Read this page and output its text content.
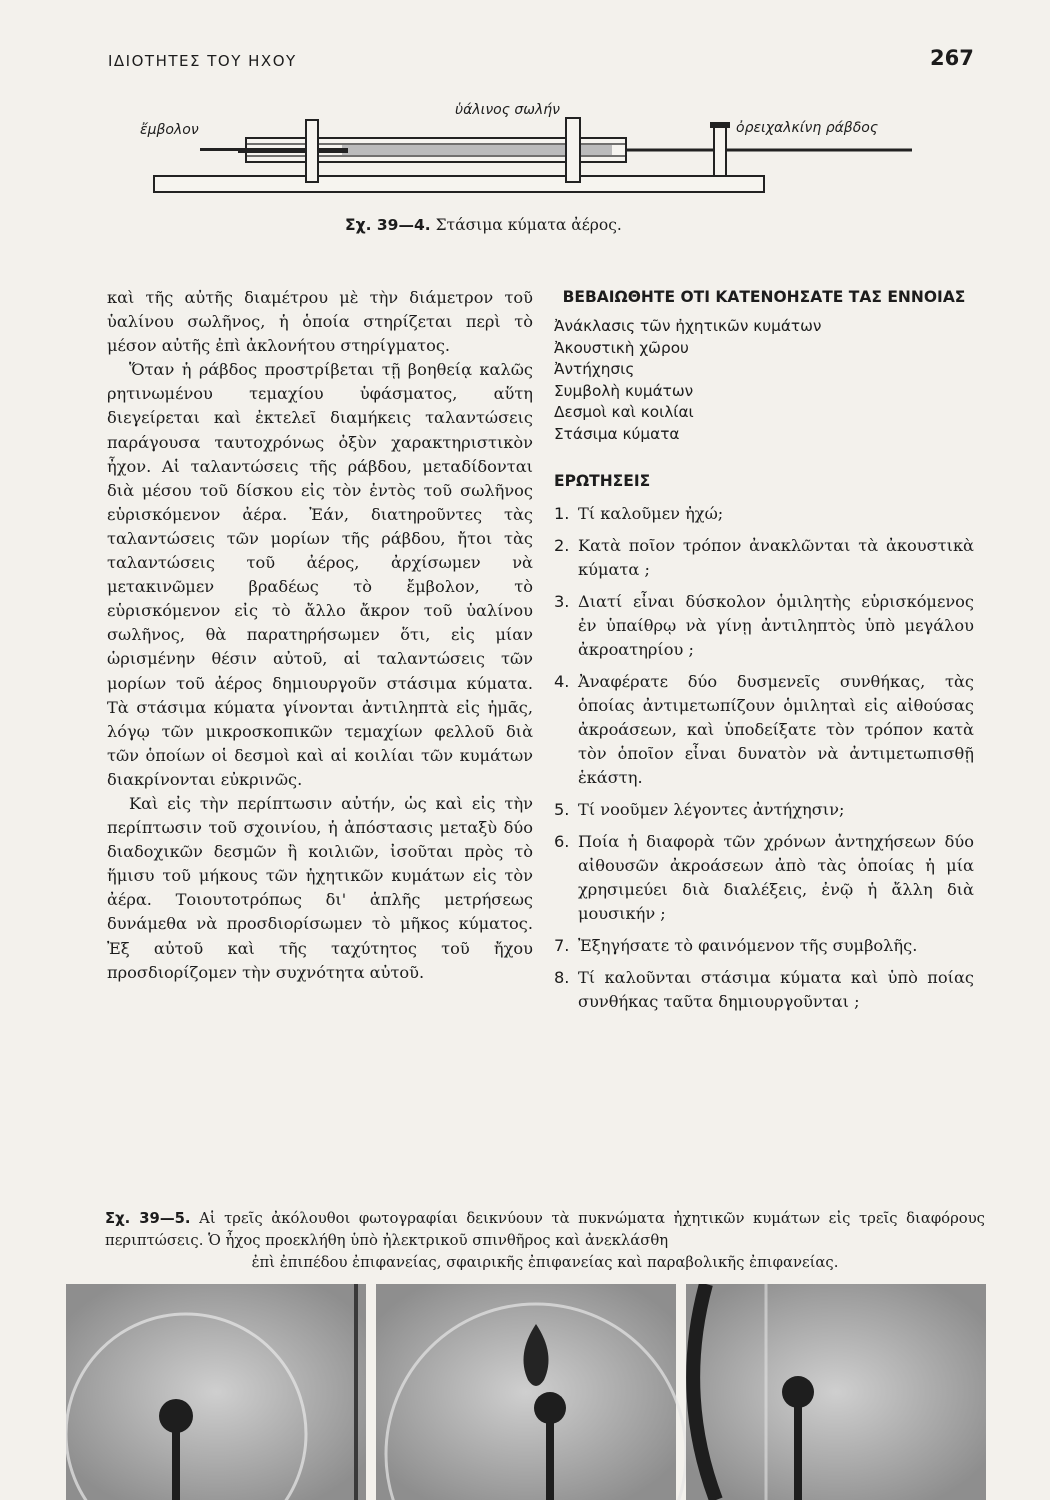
ΙΔΙΟΤΗΤΕΣ ΤΟΥ ΗΧΟΥ	267
ἔμβολον
ὑάλινος σωλήν
ὀρειχαλκίνη ράβδος
Σχ. 39—4. Στάσιμα κύματα ἀέρος.

καὶ τῆς αὐτῆς διαμέτρου μὲ τὴν διάμετρον τοῦ ὑαλίνου σωλῆνος, ἡ ὁποία στηρίζεται περὶ τὸ μέσον αὐτῆς ἐπὶ ἀκλονήτου στηρίγματος.

Ὅταν ἡ ράβδος προστρίβεται τῇ βοηθείᾳ καλῶς ρητινωμένου τεμαχίου ὑφάσματος, αὕτη διεγείρεται καὶ ἐκτελεῖ διαμήκεις ταλαντώσεις παράγουσα ταυτοχρόνως ὀξὺν χαρακτηριστικὸν ἦχον. Αἱ ταλαντώσεις τῆς ράβδου, μεταδίδονται διὰ μέσου τοῦ δίσκου εἰς τὸν ἐντὸς τοῦ σωλῆνος εὑρισκόμενον ἀέρα. Ἐάν, διατηροῦντες τὰς ταλαντώσεις τῶν μορίων τῆς ράβδου, ἤτοι τὰς ταλαντώσεις τοῦ ἀέρος, ἀρχίσωμεν νὰ μετακινῶμεν βραδέως τὸ ἔμβολον, τὸ εὑρισκόμενον εἰς τὸ ἄλλο ἄκρον τοῦ ὑαλίνου σωλῆνος, θὰ παρατηρήσωμεν ὅτι, εἰς μίαν ὡρισμένην θέσιν αὐτοῦ, αἱ ταλαντώσεις τῶν μορίων τοῦ ἀέρος δημιουργοῦν στάσιμα κύματα. Τὰ στάσιμα κύματα γίνονται ἀντιληπτὰ εἰς ἡμᾶς, λόγῳ τῶν μικροσκοπικῶν τεμαχίων φελλοῦ διὰ τῶν ὁποίων οἱ δεσμοὶ καὶ αἱ κοιλίαι τῶν κυμάτων διακρίνονται εὐκρινῶς.

Καὶ εἰς τὴν περίπτωσιν αὐτήν, ὡς καὶ εἰς τὴν περίπτωσιν τοῦ σχοινίου, ἡ ἀπόστασις μεταξὺ δύο διαδοχικῶν δεσμῶν ἢ κοιλιῶν, ἰσοῦται πρὸς τὸ ἥμισυ τοῦ μήκους τῶν ἠχητικῶν κυμάτων εἰς τὸν ἀέρα. Τοιουτοτρόπως δι' ἁπλῆς μετρήσεως δυνάμεθα νὰ προσδιορίσωμεν τὸ μῆκος κύματος. Ἐξ αὐτοῦ καὶ τῆς ταχύτητος τοῦ ἤχου προσδιορίζομεν τὴν συχνότητα αὐτοῦ.

ΒΕΒΑΙΩΘΗΤΕ ΟΤΙ ΚΑΤΕΝΟΗΣΑΤΕ ΤΑΣ ΕΝΝΟΙΑΣ

Ἀνάκλασις τῶν ἠχητικῶν κυμάτων
Ἀκουστικὴ χῶρου
Ἀντήχησις
Συμβολὴ κυμάτων
Δεσμοὶ καὶ κοιλίαι
Στάσιμα κύματα

ΕΡΩΤΗΣΕΙΣ

1. Τί καλοῦμεν ἠχώ;
2. Κατὰ ποῖον τρόπον ἀνακλῶνται τὰ ἀκουστικὰ κύματα ;
3. Διατί εἶναι δύσκολον ὁμιλητὴς εὑρισκόμενος ἐν ὑπαίθρῳ νὰ γίνῃ ἀντιληπτὸς ὑπὸ μεγάλου ἀκροατηρίου ;
4. Ἀναφέρατε δύο δυσμενεῖς συνθήκας, τὰς ὁποίας ἀντιμετωπίζουν ὁμιληταὶ εἰς αἰθούσας ἀκροάσεων, καὶ ὑποδείξατε τὸν τρόπον κατὰ τὸν ὁποῖον εἶναι δυνατὸν νὰ ἀντιμετωπισθῇ ἑκάστη.
5. Τί νοοῦμεν λέγοντες ἀντήχησιν;
6. Ποία ἡ διαφορὰ τῶν χρόνων ἀντηχήσεων δύο αἰθουσῶν ἀκροάσεων ἀπὸ τὰς ὁποίας ἡ μία χρησιμεύει διὰ διαλέξεις, ἐνῷ ἡ ἄλλη διὰ μουσικήν ;
7. Ἐξηγήσατε τὸ φαινόμενον τῆς συμβολῆς.
8. Τί καλοῦνται στάσιμα κύματα καὶ ὑπὸ ποίας συνθήκας ταῦτα δημιουργοῦνται ;
Σχ. 39—5. Αἱ τρεῖς ἀκόλουθοι φωτογραφίαι δεικνύουν τὰ πυκνώματα ἠχητικῶν κυμάτων εἰς τρεῖς διαφόρους περιπτώσεις. Ὁ ἦχος προεκλήθη ὑπὸ ἠλεκτρικοῦ σπινθῆρος καὶ ἀνεκλάσθη
ἐπὶ ἐπιπέδου ἐπιφανείας, σφαιρικῆς ἐπιφανείας καὶ παραβολικῆς ἐπιφανείας.
